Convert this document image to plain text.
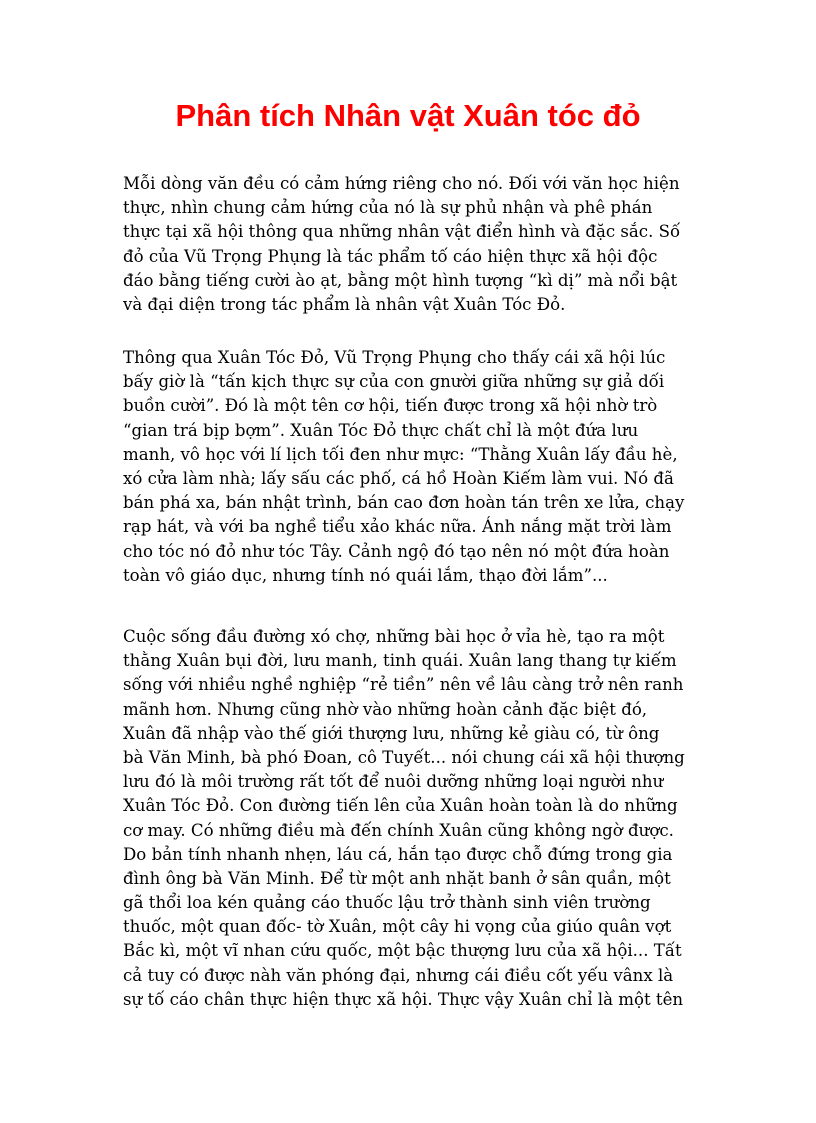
Phân tích Nhân vật Xuân tóc đỏ
Mỗi dòng văn đều có cảm hứng riêng cho nó. Đối với văn học hiện
thực, nhìn chung cảm hứng của nó là sự phủ nhận và phê phán
thực tại xã hội thông qua những nhân vật điển hình và đặc sắc. Số
đỏ của Vũ Trọng Phụng là tác phẩm tố cáo hiện thực xã hội độc
đáo bằng tiếng cười ào ạt, bằng một hình tượng “kì dị” mà nổi bật
và đại diện trong tác phẩm là nhân vật Xuân Tóc Đỏ.
Thông qua Xuân Tóc Đỏ, Vũ Trọng Phụng cho thấy cái xã hội lúc
bấy giờ là “tấn kịch thực sự của con gnười giữa những sự giả dối
buồn cười”. Đó là một tên cơ hội, tiến được trong xã hội nhờ trò
“gian trá bịp bợm”. Xuân Tóc Đỏ thực chất chỉ là một đứa lưu
manh, vô học với lí lịch tối đen như mực: “Thằng Xuân lấy đầu hè,
xó cửa làm nhà; lấy sấu các phố, cá hồ Hoàn Kiếm làm vui. Nó đã
bán phá xa, bán nhật trình, bán cao đơn hoàn tán trên xe lửa, chạy
rạp hát, và với ba nghề tiểu xảo khác nữa. Ánh nắng mặt trời làm
cho tóc nó đỏ như tóc Tây. Cảnh ngộ đó tạo nên nó một đứa hoàn
toàn vô giáo dục, nhưng tính nó quái lắm, thạo đời lắm”...
Cuộc sống đầu đường xó chợ, những bài học ở vỉa hè, tạo ra một
thằng Xuân bụi đời, lưu manh, tinh quái. Xuân lang thang tự kiếm
sống với nhiều nghề nghiệp “rẻ tiền” nên về lâu càng trở nên ranh
mãnh hơn. Nhưng cũng nhờ vào những hoàn cảnh đặc biệt đó,
Xuân đã nhập vào thế giới thượng lưu, những kẻ giàu có, từ ông
bà Văn Minh, bà phó Đoan, cô Tuyết... nói chung cái xã hội thượng
lưu đó là môi trường rất tốt để nuôi dưỡng những loại người như
Xuân Tóc Đỏ. Con đường tiến lên của Xuân hoàn toàn là do những
cơ may. Có những điều mà đến chính Xuân cũng không ngờ được.
Do bản tính nhanh nhẹn, láu cá, hắn tạo được chỗ đứng trong gia
đình ông bà Văn Minh. Để từ một anh nhặt banh ở sân quần, một
gã thổi loa kén quảng cáo thuốc lậu trở thành sinh viên trường
thuốc, một quan đốc- tờ Xuân, một cây hi vọng của giúo quân vợt
Bắc kì, một vĩ nhan cứu quốc, một bậc thượng lưu của xã hội... Tất
cả tuy có được nàh văn phóng đại, nhưng cái điều cốt yếu vânx là
sự tố cáo chân thực hiện thực xã hội. Thực vậy Xuân chỉ là một tên
